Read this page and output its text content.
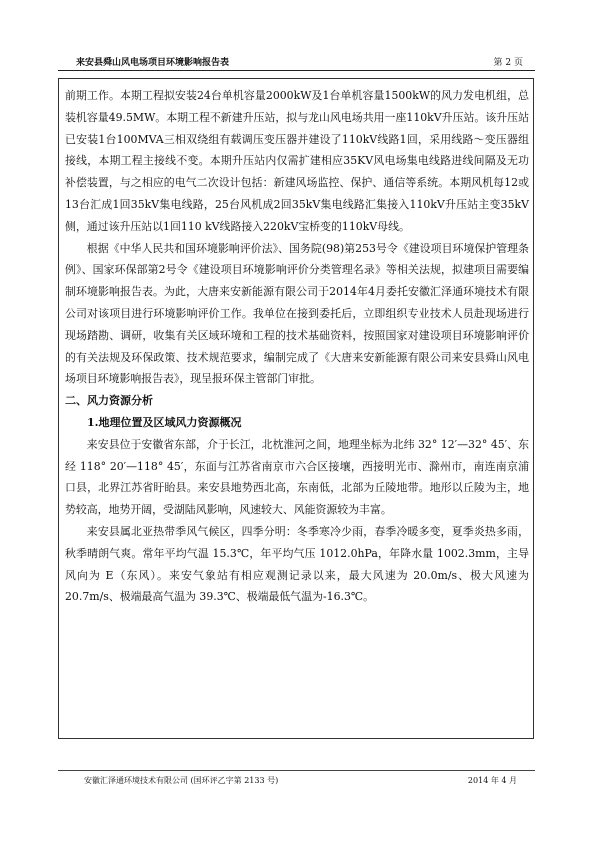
来安县舜山风电场项目环境影响报告表	第 2 页

前期工作。本期工程拟安装24台单机容量2000kW及1台单机容量1500kW的风力发电机组，总装机容量49.5MW。本期工程不新建升压站，拟与龙山风电场共用一座110kV升压站。该升压站已安装1台100MVA三相双绕组有载调压变压器并建设了110kV线路1回，采用线路～变压器组接线，本期工程主接线不变。本期升压站内仅需扩建相应35KV风电场集电线路进线间隔及无功补偿装置，与之相应的电气二次设计包括：新建风场监控、保护、通信等系统。本期风机每12或13台汇成1回35kV集电线路，25台风机成2回35kV集电线路汇集接入110kV升压站主变35kV侧，通过该升压站以1回110 kV线路接入220kV宝桥变的110kV母线。

根据《中华人民共和国环境影响评价法》、国务院(98)第253号令《建设项目环境保护管理条例》、国家环保部第2号令《建设项目环境影响评价分类管理名录》等相关法规，拟建项目需要编制环境影响报告表。为此，大唐来安新能源有限公司于2014年4月委托安徽汇泽通环境技术有限公司对该项目进行环境影响评价工作。我单位在接到委托后，立即组织专业技术人员赴现场进行现场踏勘、调研，收集有关区域环境和工程的技术基础资料，按照国家对建设项目环境影响评价的有关法规及环保政策、技术规范要求，编制完成了《大唐来安新能源有限公司来安县舜山风电场项目环境影响报告表》，现呈报环保主管部门审批。

二、风力资源分析
1.地理位置及区域风力资源概况

来安县位于安徽省东部，介于长江，北枕淮河之间，地理坐标为北纬 32° 12′—32° 45′、东经 118° 20′—118° 45′，东面与江苏省南京市六合区接壤，西接明光市、滁州市，南连南京浦口县，北界江苏省盱眙县。来安县地势西北高，东南低，北部为丘陵地带。地形以丘陵为主，地势较高，地势开阔，受湖陆风影响，风速较大、风能资源较为丰富。

来安县属北亚热带季风气候区，四季分明：冬季寒冷少雨，春季冷暖多变，夏季炎热多雨，秋季晴朗气爽。常年平均气温 15.3℃，年平均气压 1012.0hPa，年降水量 1002.3mm，主导风向为 E（东风）。来安气象站有相应观测记录以来，最大风速为 20.0m/s、极大风速为 20.7m/s、极端最高气温为 39.3℃、极端最低气温为-16.3℃。

安徽汇泽通环境技术有限公司 (国环评乙字第 2133 号)	2014 年 4 月
